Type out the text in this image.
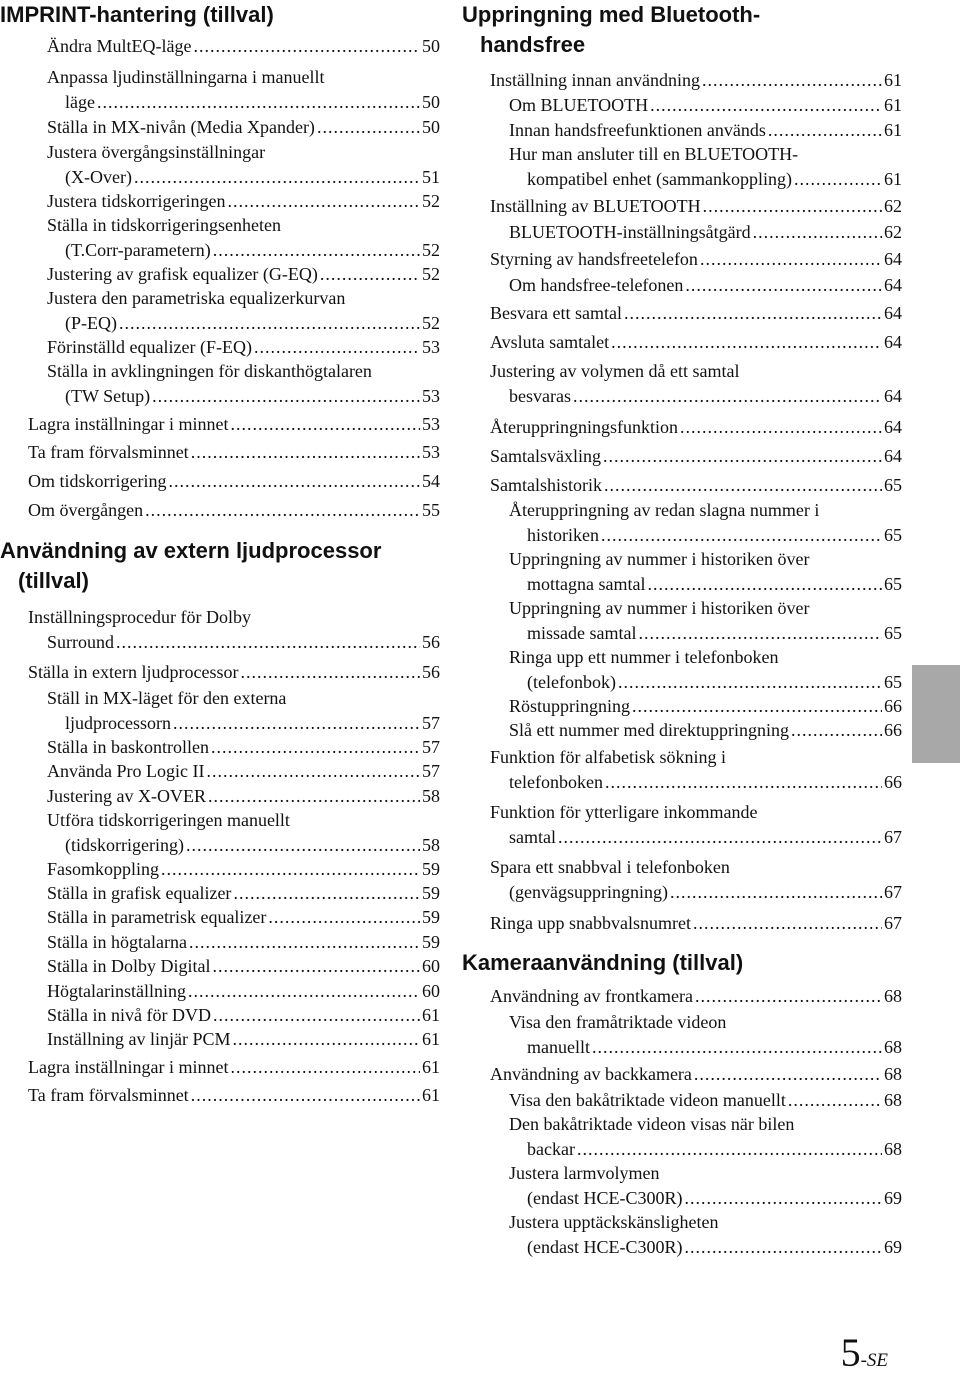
IMPRINT-hantering (tillval)
Ändra MultEQ-läge .....	50
Anpassa ljudinställningarna i manuellt
läge .....	50
Ställa in MX-nivån (Media Xpander) .....	50
Justera övergångsinställningar
(X-Over) .....	51
Justera tidskorrigeringen .....	52
Ställa in tidskorrigeringsenheten
(T.Corr-parametern) .....	52
Justering av grafisk equalizer (G-EQ) .....	52
Justera den parametriska equalizerkurvan
(P-EQ) .....	52
Förinställd equalizer (F-EQ) .....	53
Ställa in avklingningen för diskanthögtalaren
(TW Setup) .....	53
Lagra inställningar i minnet .....	53
Ta fram förvalsminnet .....	53
Om tidskorrigering .....	54
Om övergången .....	55
Användning av extern ljudprocessor
(tillval)
Inställningsprocedur för Dolby
Surround .....	56
Ställa in extern ljudprocessor .....	56
Ställ in MX-läget för den externa
ljudprocessorn .....	57
Ställa in baskontrollen .....	57
Använda Pro Logic II .....	57
Justering av X-OVER .....	58
Utföra tidskorrigeringen manuellt
(tidskorrigering) .....	58
Fasomkoppling .....	59
Ställa in grafisk equalizer .....	59
Ställa in parametrisk equalizer .....	59
Ställa in högtalarna .....	59
Ställa in Dolby Digital .....	60
Högtalarinställning .....	60
Ställa in nivå för DVD .....	61
Inställning av linjär PCM .....	61
Lagra inställningar i minnet .....	61
Ta fram förvalsminnet .....	61
Uppringning med Bluetooth-
handsfree
Inställning innan användning .....	61
Om BLUETOOTH .....	61
Innan handsfreefunktionen används .....	61
Hur man ansluter till en BLUETOOTH-
kompatibel enhet (sammankoppling) .....	61
Inställning av BLUETOOTH .....	62
BLUETOOTH-inställningsåtgärd .....	62
Styrning av handsfreetelefon .....	64
Om handsfree-telefonen .....	64
Besvara ett samtal .....	64
Avsluta samtalet .....	64
Justering av volymen då ett samtal
besvaras .....	64
Återuppringningsfunktion .....	64
Samtalsväxling .....	64
Samtalshistorik .....	65
Återuppringning av redan slagna nummer i
historiken .....	65
Uppringning av nummer i historiken över
mottagna samtal .....	65
Uppringning av nummer i historiken över
missade samtal .....	65
Ringa upp ett nummer i telefonboken
(telefonbok) .....	65
Röstuppringning .....	66
Slå ett nummer med direktuppringning .....	66
Funktion för alfabetisk sökning i
telefonboken .....	66
Funktion för ytterligare inkommande
samtal .....	67
Spara ett snabbval i telefonboken
(genvägsuppringning) .....	67
Ringa upp snabbvalsnumret .....	67
Kameraanvändning (tillval)
Användning av frontkamera .....	68
Visa den framåtriktade videon
manuellt .....	68
Användning av backkamera .....	68
Visa den bakåtriktade videon manuellt .....	68
Den bakåtriktade videon visas när bilen
backar .....	68
Justera larmvolymen
(endast HCE-C300R) .....	69
Justera upptäckskänsligheten
(endast HCE-C300R) .....	69
5-SE
